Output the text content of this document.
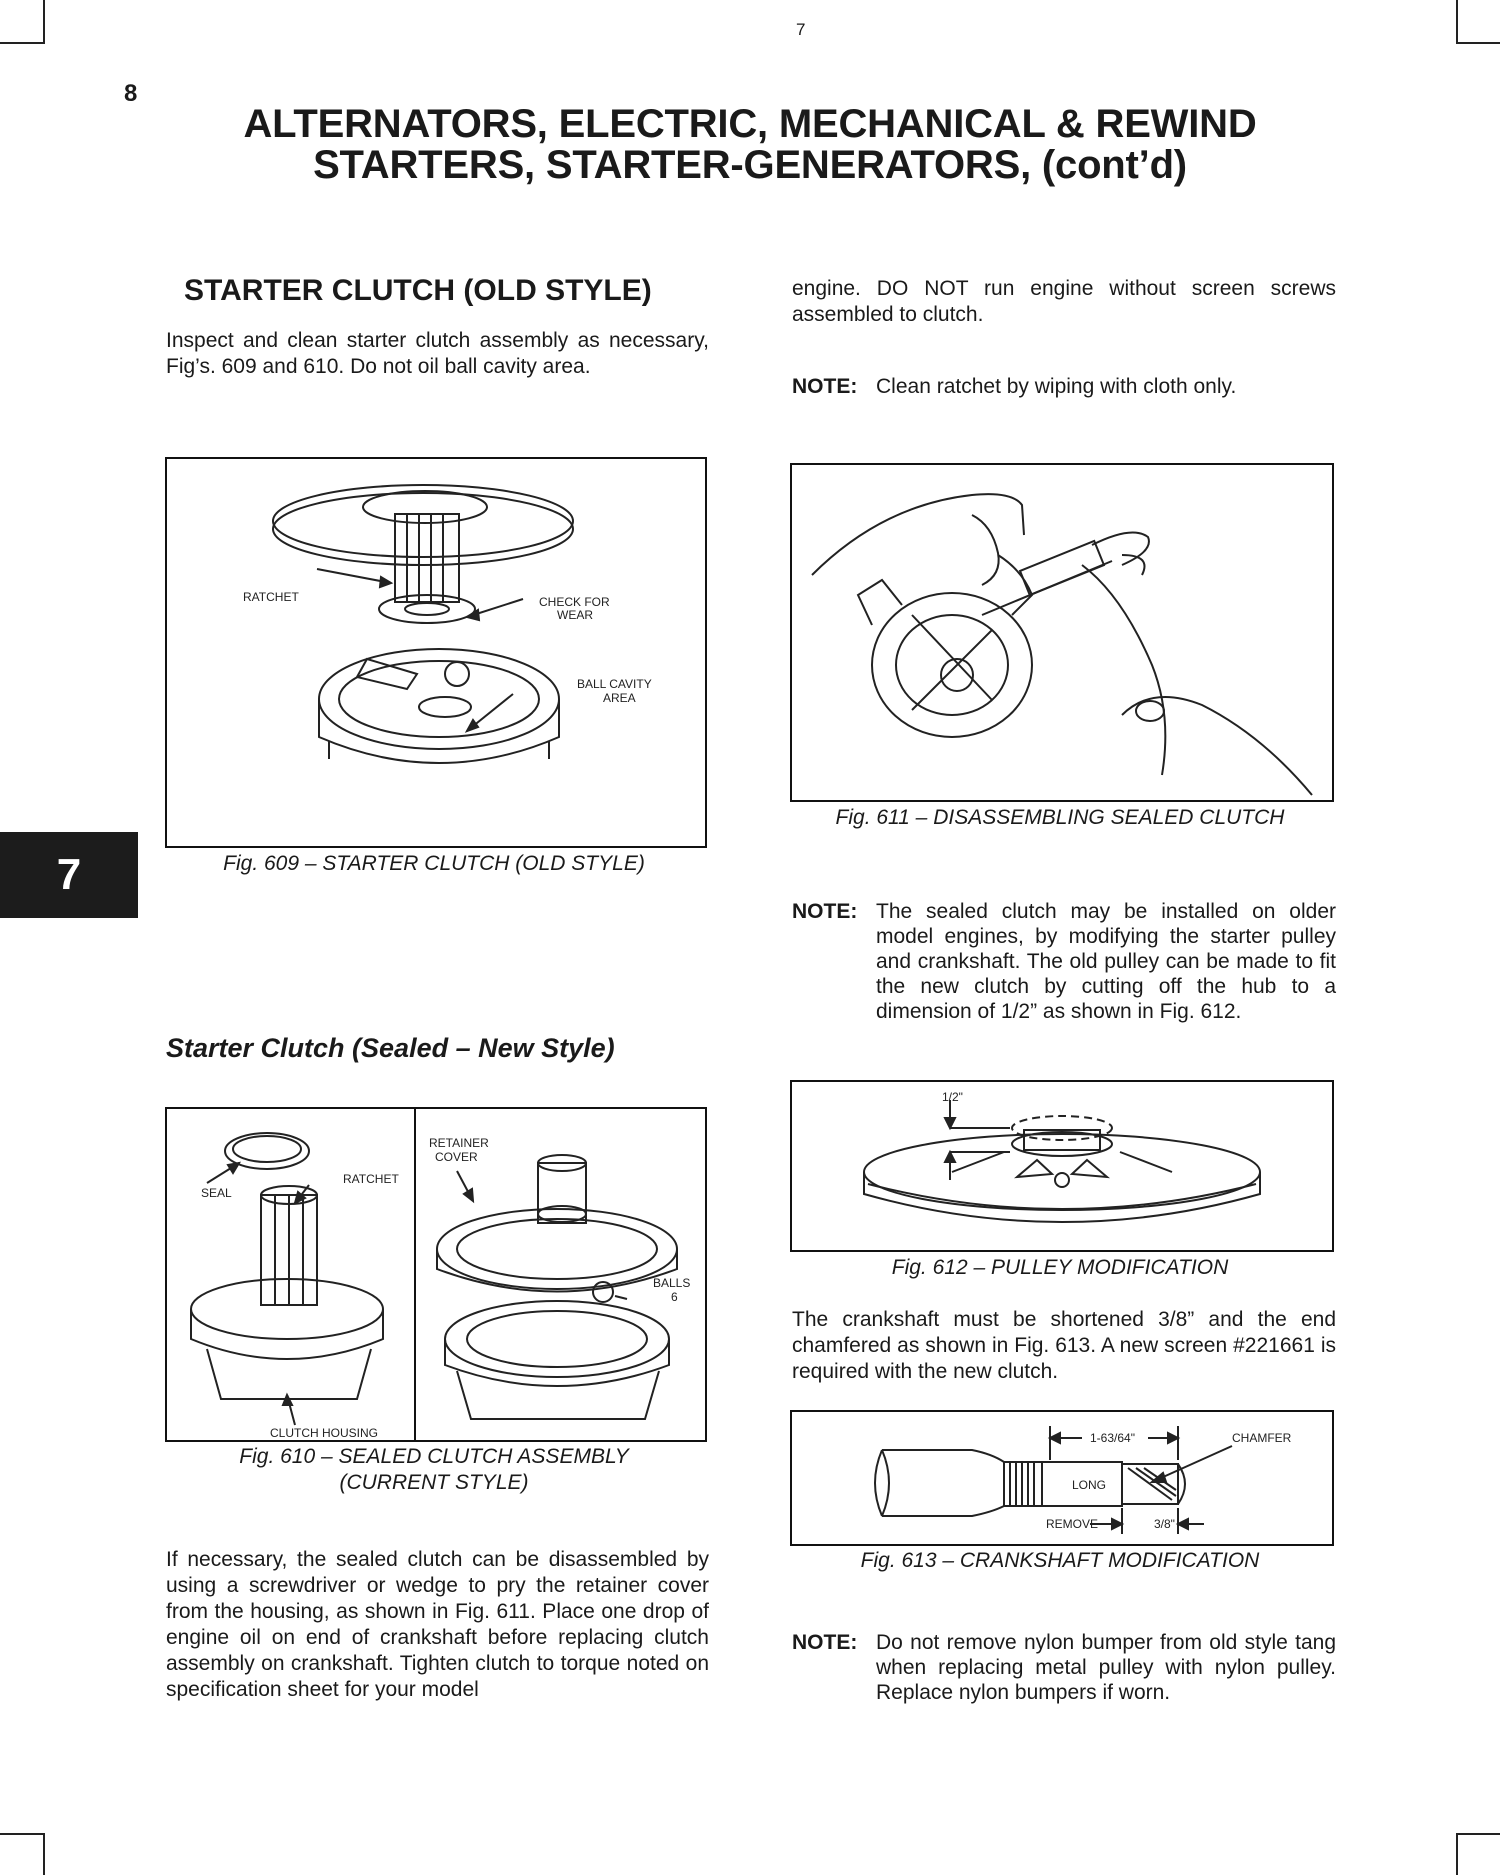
7
8
ALTERNATORS, ELECTRIC, MECHANICAL & REWIND
STARTERS, STARTER-GENERATORS, (cont’d)
7
STARTER CLUTCH (OLD STYLE)
Inspect and clean starter clutch assembly as necessary, Fig’s. 609 and 610. Do not oil ball cavity area.
RATCHET	CHECK FOR
WEAR
BALL CAVITY
AREA
Fig. 609 – STARTER CLUTCH (OLD STYLE)
Starter Clutch (Sealed – New Style)
SEAL
RATCHET
RETAINER
COVER
BALLS
6
CLUTCH HOUSING
Fig. 610 – SEALED CLUTCH ASSEMBLY
(CURRENT STYLE)
If necessary, the sealed clutch can be disassembled by using a screwdriver or wedge to pry the retainer cover from the housing, as shown in Fig. 611. Place one drop of engine oil on end of crankshaft before replacing clutch assembly on crankshaft. Tighten clutch to torque noted on specification sheet for your model
engine. DO NOT run engine without screen screws assembled to clutch.
NOTE: Clean ratchet by wiping with cloth only.
Fig. 611 – DISASSEMBLING SEALED CLUTCH
NOTE: The sealed clutch may be installed on older model engines, by modifying the starter pulley and crankshaft. The old pulley can be made to fit the new clutch by cutting off the hub to a dimension of 1/2” as shown in Fig. 612.
1/2"
Fig. 612 – PULLEY MODIFICATION
The crankshaft must be shortened 3/8” and the end chamfered as shown in Fig. 613. A new screen #221661 is required with the new clutch.
1-63/64"	CHAMFER
LONG
REMOVE	3/8"
Fig. 613 – CRANKSHAFT MODIFICATION
NOTE: Do not remove nylon bumper from old style tang when replacing metal pulley with nylon pulley. Replace nylon bumpers if worn.
